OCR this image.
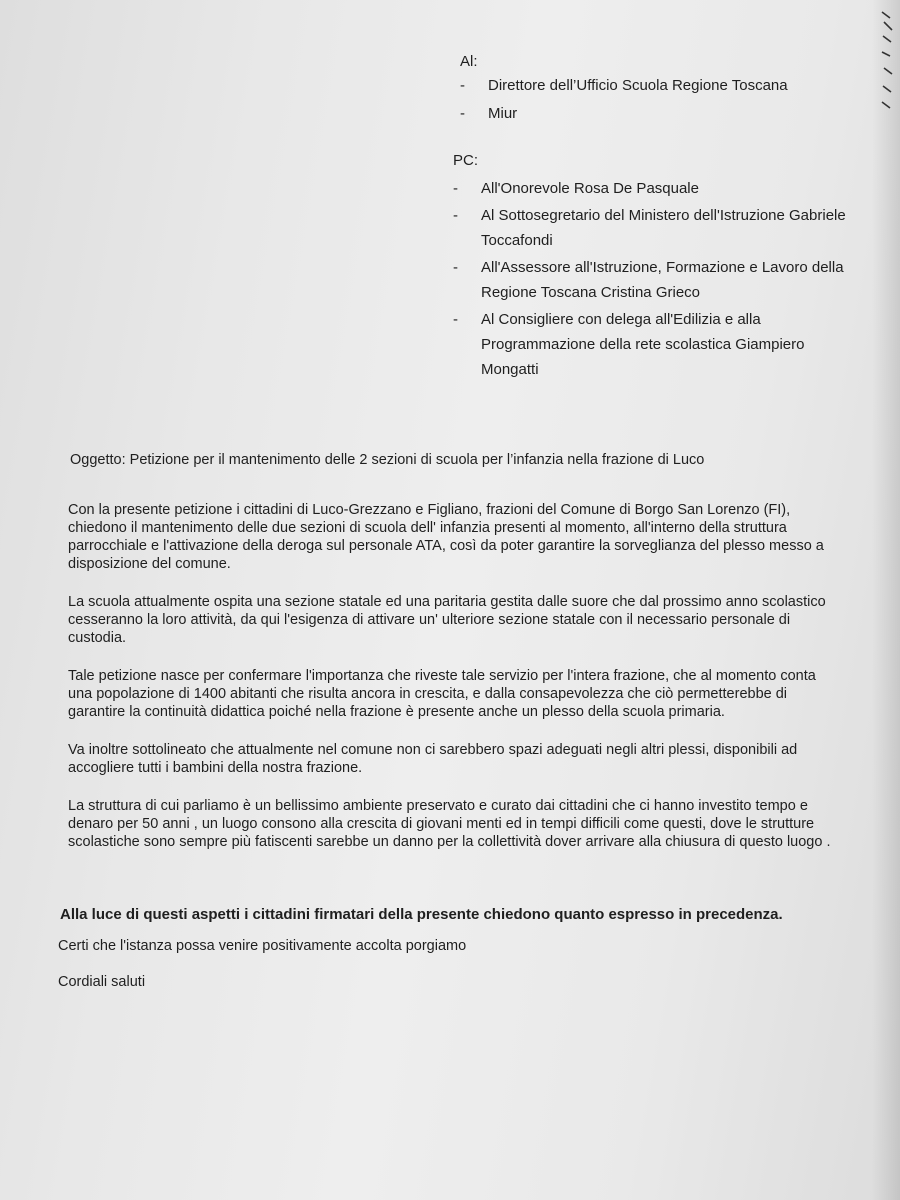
Al:
- Direttore dell’Ufficio Scuola Regione Toscana
- Miur
PC:
- All'Onorevole Rosa De Pasquale
- Al Sottosegretario del Ministero dell'Istruzione Gabriele Toccafondi
- All'Assessore all'Istruzione, Formazione e Lavoro della Regione Toscana Cristina Grieco
- Al Consigliere con delega all'Edilizia e alla Programmazione della rete scolastica Giampiero Mongatti
Oggetto: Petizione per il mantenimento delle 2 sezioni di scuola per l’infanzia nella frazione di Luco

Con la presente petizione i cittadini di Luco-Grezzano e Figliano, frazioni del Comune di Borgo San Lorenzo (FI), chiedono il mantenimento delle due sezioni di scuola dell' infanzia presenti al momento, all'interno della struttura parrocchiale e l'attivazione della deroga sul personale ATA, così da poter garantire la sorveglianza del plesso messo a disposizione del comune.

La scuola attualmente ospita una sezione statale ed una paritaria gestita dalle suore che dal prossimo anno scolastico cesseranno la loro attività, da qui l'esigenza di attivare un' ulteriore sezione statale con il necessario personale di custodia.

Tale petizione nasce per confermare l'importanza che riveste tale servizio per l'intera frazione, che al momento conta una popolazione di 1400 abitanti che risulta ancora in crescita, e dalla consapevolezza che ciò permetterebbe di garantire la continuità didattica poiché nella frazione è presente anche un plesso della scuola primaria.

Va inoltre sottolineato che attualmente nel comune non ci sarebbero spazi adeguati negli altri plessi, disponibili ad accogliere tutti i bambini della nostra frazione.

La struttura di cui parliamo è un bellissimo ambiente preservato e curato dai cittadini che ci hanno investito tempo e denaro per 50 anni , un luogo consono alla crescita di giovani menti ed in tempi difficili come questi, dove le strutture scolastiche sono sempre più fatiscenti sarebbe un danno per la collettività dover arrivare alla chiusura di questo luogo .

Alla luce di questi aspetti i cittadini firmatari della presente chiedono quanto espresso in precedenza.
Certi che l'istanza possa venire positivamente accolta porgiamo
Cordiali saluti
